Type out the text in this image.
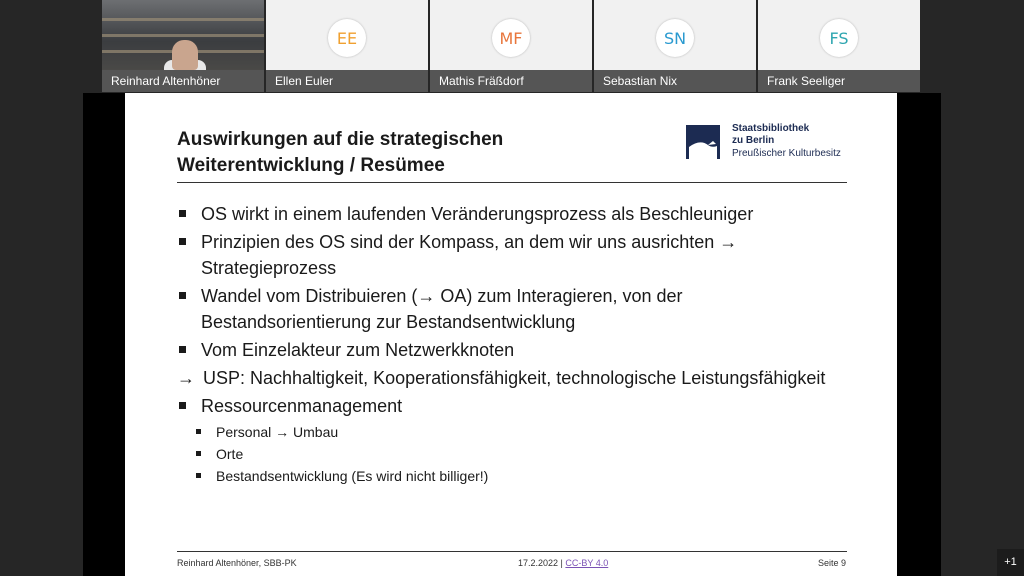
Reinhard Altenhöner
EE
Ellen Euler
MF
Mathis Fräßdorf
SN
Sebastian Nix
FS
Frank Seeliger
Auswirkungen auf die strategischen
Weiterentwicklung / Resümee
Staatsbibliothek
zu Berlin
Preußischer Kulturbesitz
OS wirkt in einem laufenden Veränderungsprozess als Beschleuniger
Prinzipien des OS sind der Kompass, an dem wir uns ausrichten → Strategieprozess
Wandel vom Distribuieren (→ OA) zum Interagieren, von der Bestandsorientierung zur Bestandsentwicklung
Vom Einzelakteur zum Netzwerkknoten
→ USP: Nachhaltigkeit, Kooperationsfähigkeit, technologische Leistungsfähigkeit
Ressourcenmanagement
Personal → Umbau
Orte
Bestandsentwicklung (Es wird nicht billiger!)
Reinhard Altenhöner, SBB-PK	17.2.2022 | CC-BY 4.0	Seite 9	+1
